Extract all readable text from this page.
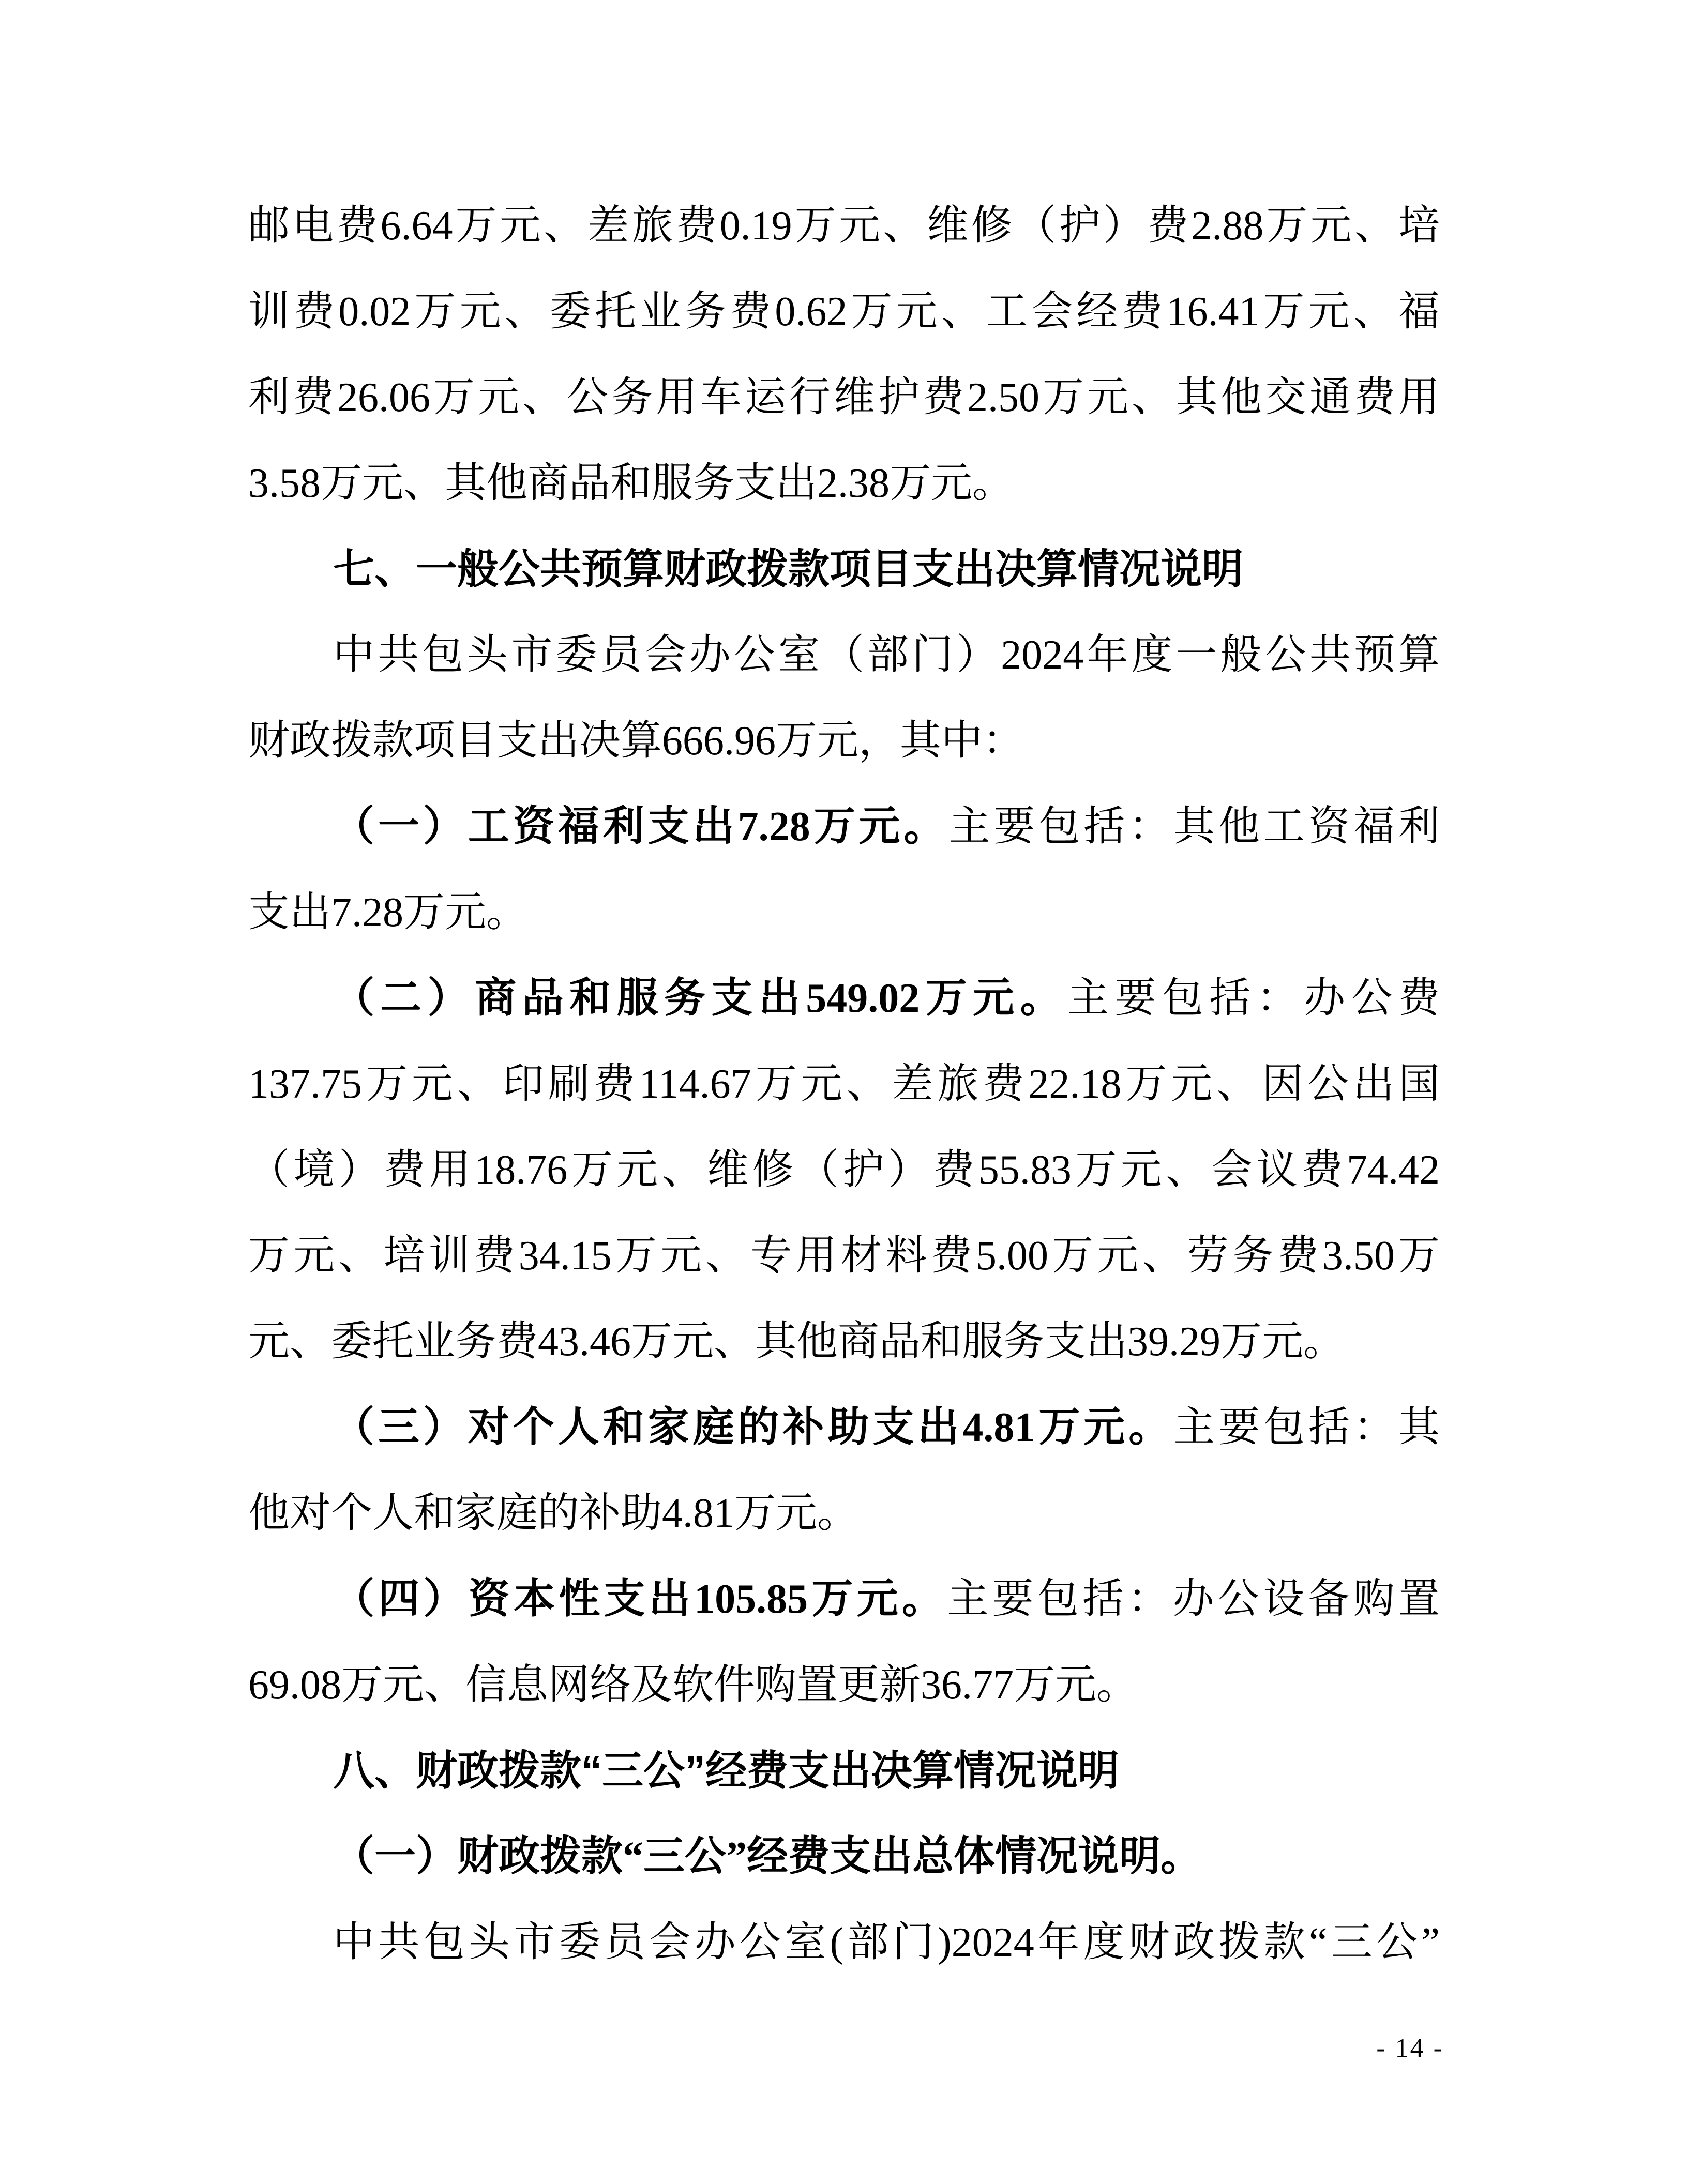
邮电费6.64万元、差旅费0.19万元、维修（护）费2.88万元、培
训费0.02万元、委托业务费0.62万元、工会经费16.41万元、福
利费26.06万元、公务用车运行维护费2.50万元、其他交通费用
3.58万元、其他商品和服务支出2.38万元。
七、一般公共预算财政拨款项目支出决算情况说明
中共包头市委员会办公室（部门）2024年度一般公共预算
财政拨款项目支出决算666.96万元，其中：
（一）工资福利支出7.28万元。主要包括：其他工资福利
支出7.28万元。
（二）商品和服务支出549.02万元。主要包括：办公费
137.75万元、印刷费114.67万元、差旅费22.18万元、因公出国
（境）费用18.76万元、维修（护）费55.83万元、会议费74.42
万元、培训费34.15万元、专用材料费5.00万元、劳务费3.50万
元、委托业务费43.46万元、其他商品和服务支出39.29万元。
（三）对个人和家庭的补助支出4.81万元。主要包括：其
他对个人和家庭的补助4.81万元。
（四）资本性支出105.85万元。主要包括：办公设备购置
69.08万元、信息网络及软件购置更新36.77万元。
八、财政拨款“三公”经费支出决算情况说明
（一）财政拨款“三公”经费支出总体情况说明。
中共包头市委员会办公室(部门)2024年度财政拨款“三公”
- 14 -
